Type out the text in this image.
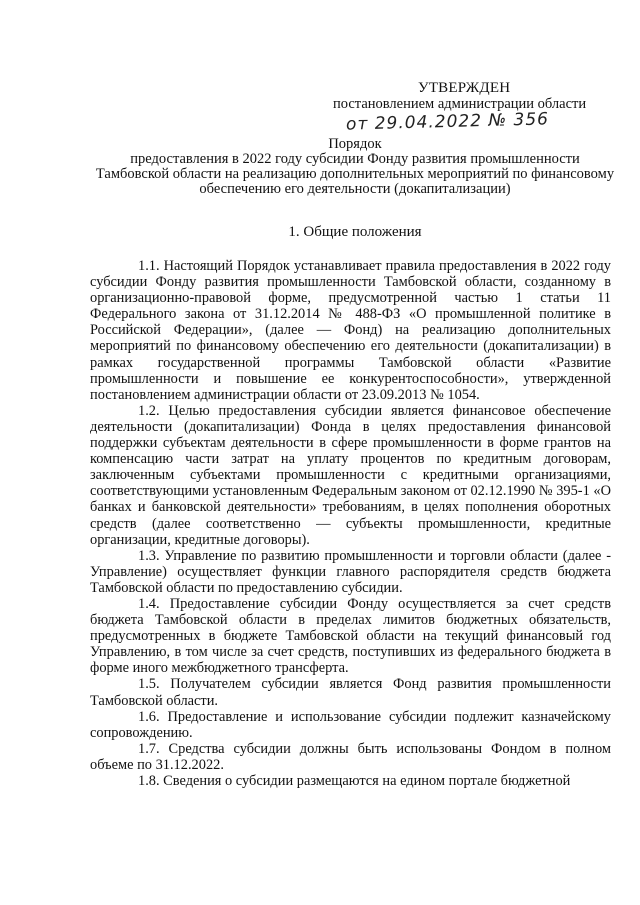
УТВЕРЖДЕН
постановлением администрации области
от 29.04.2022 № 356
Порядок
предоставления в 2022 году субсидии Фонду развития промышленности Тамбовской области на реализацию дополнительных мероприятий по финансовому обеспечению его деятельности (докапитализации)
1. Общие положения

1.1. Настоящий Порядок устанавливает правила предоставления в 2022 году субсидии Фонду развития промышленности Тамбовской области, созданному в организационно-правовой форме, предусмотренной частью 1 статьи 11 Федерального закона от 31.12.2014 № 488-ФЗ «О промышленной политике в Российской Федерации», (далее — Фонд) на реализацию дополнительных мероприятий по финансовому обеспечению его деятельности (докапитализации) в рамках государственной программы Тамбовской области «Развитие промышленности и повышение ее конкурентоспособности», утвержденной постановлением администрации области от 23.09.2013 № 1054.

1.2. Целью предоставления субсидии является финансовое обеспечение деятельности (докапитализации) Фонда в целях предоставления финансовой поддержки субъектам деятельности в сфере промышленности в форме грантов на компенсацию части затрат на уплату процентов по кредитным договорам, заключенным субъектами промышленности с кредитными организациями, соответствующими установленным Федеральным законом от 02.12.1990 № 395-1 «О банках и банковской деятельности» требованиям, в целях пополнения оборотных средств (далее соответственно — субъекты промышленности, кредитные организации, кредитные договоры).

1.3. Управление по развитию промышленности и торговли области (далее - Управление) осуществляет функции главного распорядителя средств бюджета Тамбовской области по предоставлению субсидии.

1.4. Предоставление субсидии Фонду осуществляется за счет средств бюджета Тамбовской области в пределах лимитов бюджетных обязательств, предусмотренных в бюджете Тамбовской области на текущий финансовый год Управлению, в том числе за счет средств, поступивших из федерального бюджета в форме иного межбюджетного трансферта.

1.5. Получателем субсидии является Фонд развития промышленности Тамбовской области.

1.6. Предоставление и использование субсидии подлежит казначейскому сопровождению.

1.7. Средства субсидии должны быть использованы Фондом в полном объеме по 31.12.2022.

1.8. Сведения о субсидии размещаются на едином портале бюджетной
